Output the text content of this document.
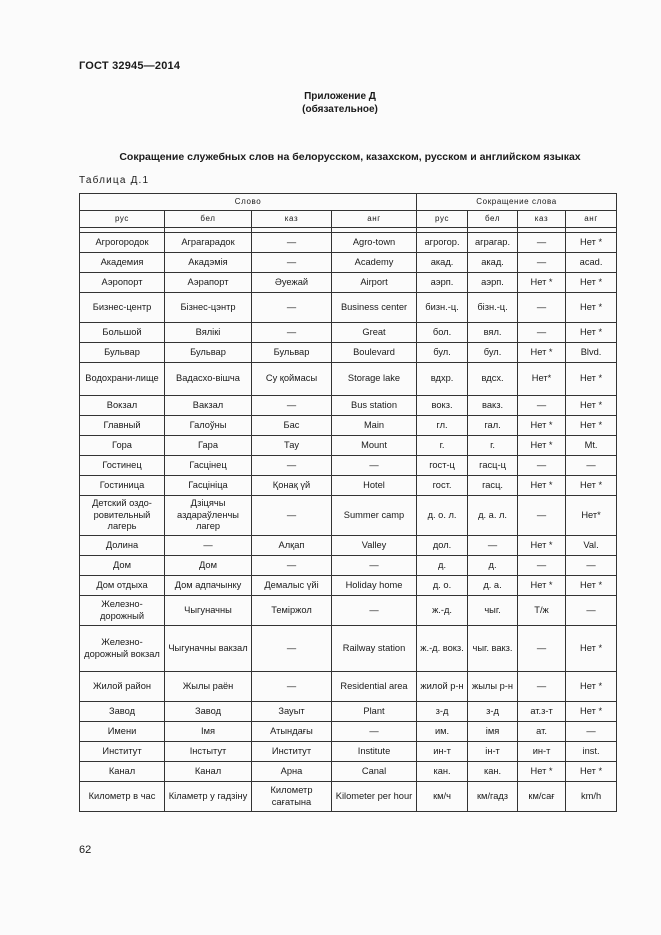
ГОСТ 32945—2014
Приложение Д
(обязательное)
Сокращение служебных слов на белорусском, казахском, русском и английском языках
Таблица Д.1
Слово				Сокращение слова			
рус	бел	каз	анг	рус	бел	каз	анг

Агрогородок	Аграгарадок	—	Agro-town	агрогор.	аграгар.	—	Нет *
Академия	Акадэмія	—	Academy	акад.	акад.	—	acad.
Аэропорт	Аэрапорт	Әуежай	Airport	аэрп.	аэрп.	Нет *	Нет *
Бизнес-центр	Бізнес-цэнтр	—	Business center	бизн.-ц.	бізн.-ц.	—	Нет *
Большой	Вялікі	—	Great	бол.	вял.	—	Нет *
Бульвар	Бульвар	Бульвар	Boulevard	бул.	бул.	Нет *	Blvd.
Водохрани-лище	Вадасхо-вішча	Су қоймасы	Storage lake	вдхр.	вдсх.	Нет*	Нет *
Вокзал	Вакзал	—	Bus station	вокз.	вакз.	—	Нет *
Главный	Галоўны	Бас	Main	гл.	гал.	Нет *	Нет *
Гора	Гара	Тау	Mount	г.	г.	Нет *	Mt.
Гостинец	Гасцінец	—	—	гост-ц	гасц-ц	—	—
Гостиница	Гасцініца	Қонақ үй	Hotel	гост.	гасц.	Нет *	Нет *
Детский оздо-ровительный лагерь	Дзіцячы аздараўленчы лагер	—	Summer camp	д. о. л.	д. а. л.	—	Нет*
Долина	—	Алқап	Valley	дол.	—	Нет *	Val.
Дом	Дом	—	—	д.	д.	—	—
Дом отдыха	Дом адпачынку	Демалыс үйі	Holiday home	д. о.	д. а.	Нет *	Нет *
Железно-дорожный	Чыгуначны	Теміржол	—	ж.-д.	чыг.	Т/ж	—
Железно-дорожный вокзал	Чыгуначны вакзал	—	Railway station	ж.-д. вокз.	чыг. вакз.	—	Нет *
Жилой район	Жылы раён	—	Residential area	жилой р-н	жылы р-н	—	Нет *
Завод	Завод	Зауыт	Plant	з-д	з-д	ат.з-т	Нет *
Имени	Імя	Атындағы	—	им.	імя	ат.	—
Институт	Інстытут	Институт	Institute	ин-т	ін-т	ин-т	inst.
Канал	Канал	Арна	Canal	кан.	кан.	Нет *	Нет *
Километр в час	Кіламетр у гадзіну	Километр сағатына	Kilometer per hour	км/ч	км/гадз	км/сағ	km/h
62
